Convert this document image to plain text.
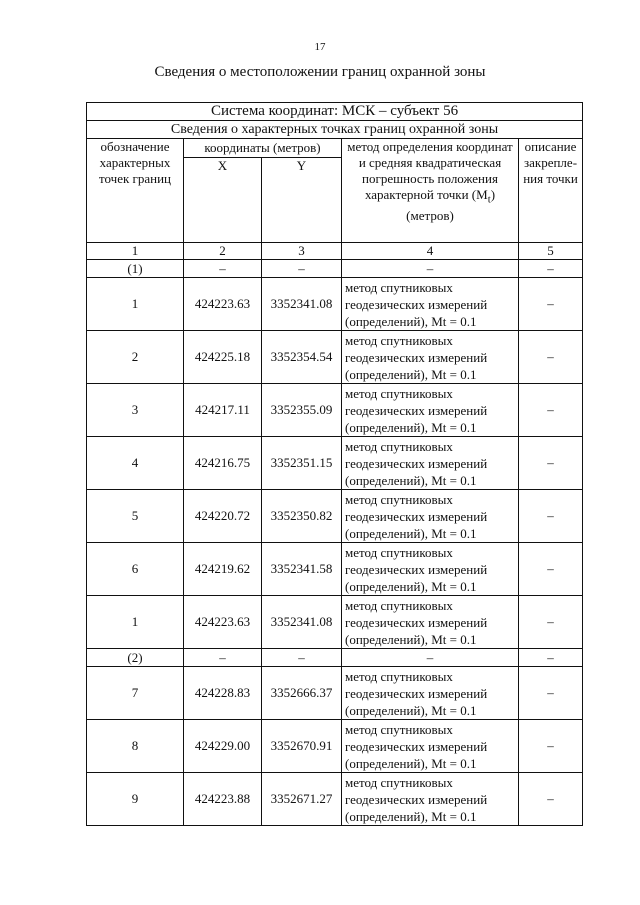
17
Сведения о местоположении границ охранной зоны
Система координат: МСК – субъект 56				
Сведения о характерных точках границ охранной зоны				
обозначение характерных точек границ	координаты (метров)		метод определения координат и средняя квадратическая погрешность положения характерной точки $(M_t)$ (метров)	описание закрепле-ния точки
	X	Y		
1	2	3	4	5
(1)	–	–	–	–
1	424223.63	3352341.08	метод спутниковых
геодезических измерений
(определений), Mt = 0.1	–
2	424225.18	3352354.54	метод спутниковых
геодезических измерений
(определений), Mt = 0.1	–
3	424217.11	3352355.09	метод спутниковых
геодезических измерений
(определений), Mt = 0.1	–
4	424216.75	3352351.15	метод спутниковых
геодезических измерений
(определений), Mt = 0.1	–
5	424220.72	3352350.82	метод спутниковых
геодезических измерений
(определений), Mt = 0.1	–
6	424219.62	3352341.58	метод спутниковых
геодезических измерений
(определений), Mt = 0.1	–
1	424223.63	3352341.08	метод спутниковых
геодезических измерений
(определений), Mt = 0.1	–
(2)	–	–	–	–
7	424228.83	3352666.37	метод спутниковых
геодезических измерений
(определений), Mt = 0.1	–
8	424229.00	3352670.91	метод спутниковых
геодезических измерений
(определений), Mt = 0.1	–
9	424223.88	3352671.27	метод спутниковых
геодезических измерений
(определений), Mt = 0.1	–
